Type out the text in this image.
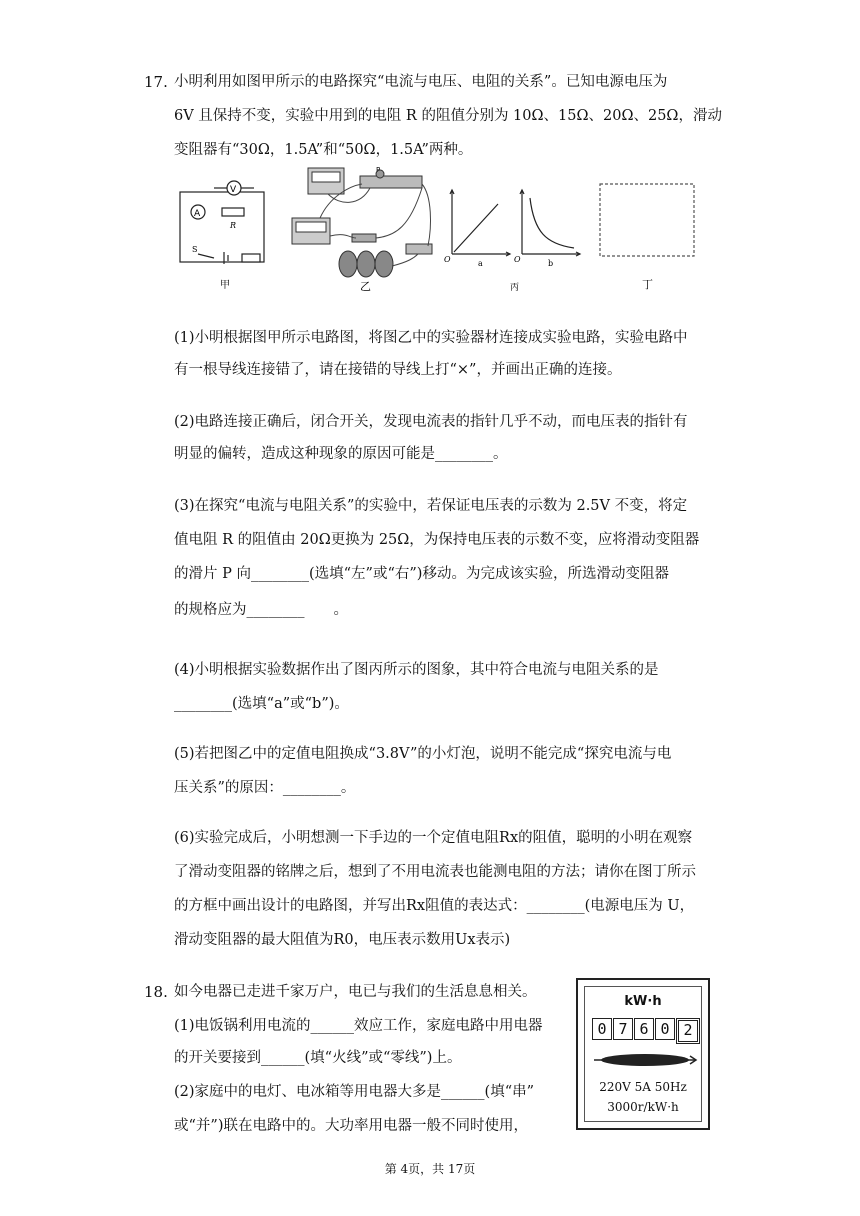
17. 小明利用如图甲所示的电路探究“电流与电压、电阻的关系”。已知电源电压为
6V 且保持不变，实验中用到的电阻 R 的阻值分别为 10Ω、15Ω、20Ω、25Ω，滑动
变阻器有“30Ω，1.5A”和“50Ω，1.5A”两种。
A
V
R
S
P
O	O
a	b
甲	乙	丙	丁
(1)小明根据图甲所示电路图，将图乙中的实验器材连接成实验电路，实验电路中
有一根导线连接错了，请在接错的导线上打“×”，并画出正确的连接。
(2)电路连接正确后，闭合开关，发现电流表的指针几乎不动，而电压表的指针有
明显的偏转，造成这种现象的原因可能是________。
(3)在探究“电流与电阻关系”的实验中，若保证电压表的示数为 2.5V 不变，将定
值电阻 R 的阻值由 20Ω更换为 25Ω，为保持电压表的示数不变，应将滑动变阻器
的滑片 P 向________(选填“左”或“右”)移动。为完成该实验，所选滑动变阻器
的规格应为________　　。
(4)小明根据实验数据作出了图丙所示的图象，其中符合电流与电阻关系的是
________(选填“a”或“b”)。
(5)若把图乙中的定值电阻换成“3.8V”的小灯泡，说明不能完成“探究电流与电
压关系”的原因：________。
(6)实验完成后，小明想测一下手边的一个定值电阻Rx的阻值，聪明的小明在观察
了滑动变阻器的铭牌之后，想到了不用电流表也能测电阻的方法；请你在图丁所示
的方框中画出设计的电路图，并写出Rx阻值的表达式：________(电源电压为 U，
滑动变阻器的最大阻值为R0，电压表示数用Ux表示)
18. 如今电器已走进千家万户，电已与我们的生活息息相关。
(1)电饭锅利用电流的______效应工作，家庭电路中用电器
的开关要接到______(填“火线”或“零线”)上。
(2)家庭中的电灯、电冰箱等用电器大多是______(填“串”
或“并”)联在电路中的。大功率用电器一般不同时使用，
kW·h
0 7 6 0 2
220V 5A 50Hz
3000r/kW·h
第 4页，共 17页
